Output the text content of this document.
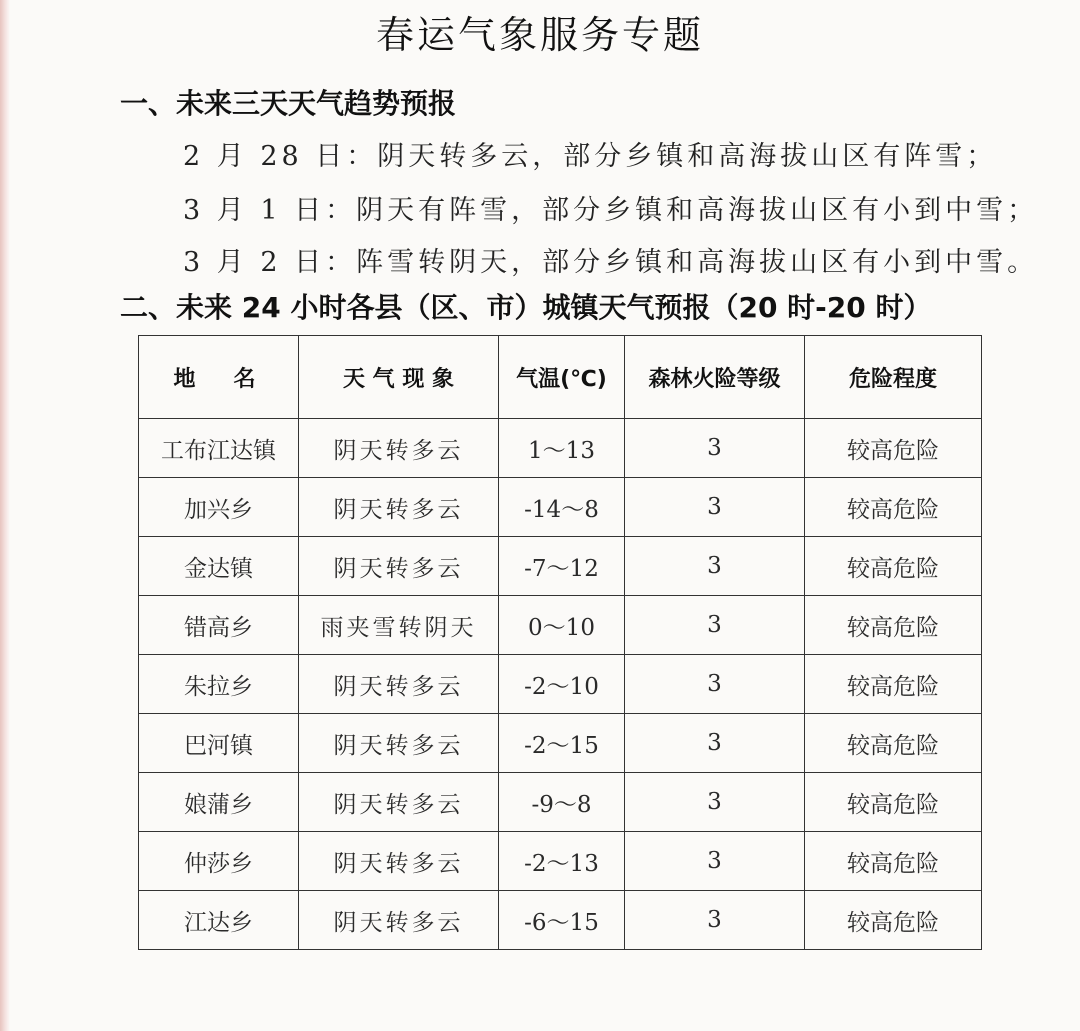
春运气象服务专题
一、未来三天天气趋势预报
2 月 28 日：阴天转多云，部分乡镇和高海拔山区有阵雪；
3 月 1 日：阴天有阵雪，部分乡镇和高海拔山区有小到中雪；
3 月 2 日：阵雪转阴天，部分乡镇和高海拔山区有小到中雪。
二、未来 24 小时各县（区、市）城镇天气预报（20 时-20 时）
地　名	天 气 现 象	气温(℃)	森林火险等级	危险程度
工布江达镇	阴天转多云	1～13	3	较高危险
加兴乡	阴天转多云	-14～8	3	较高危险
金达镇	阴天转多云	-7～12	3	较高危险
错高乡	雨夹雪转阴天	0～10	3	较高危险
朱拉乡	阴天转多云	-2～10	3	较高危险
巴河镇	阴天转多云	-2～15	3	较高危险
娘蒲乡	阴天转多云	-9～8	3	较高危险
仲莎乡	阴天转多云	-2～13	3	较高危险
江达乡	阴天转多云	-6～15	3	较高危险
